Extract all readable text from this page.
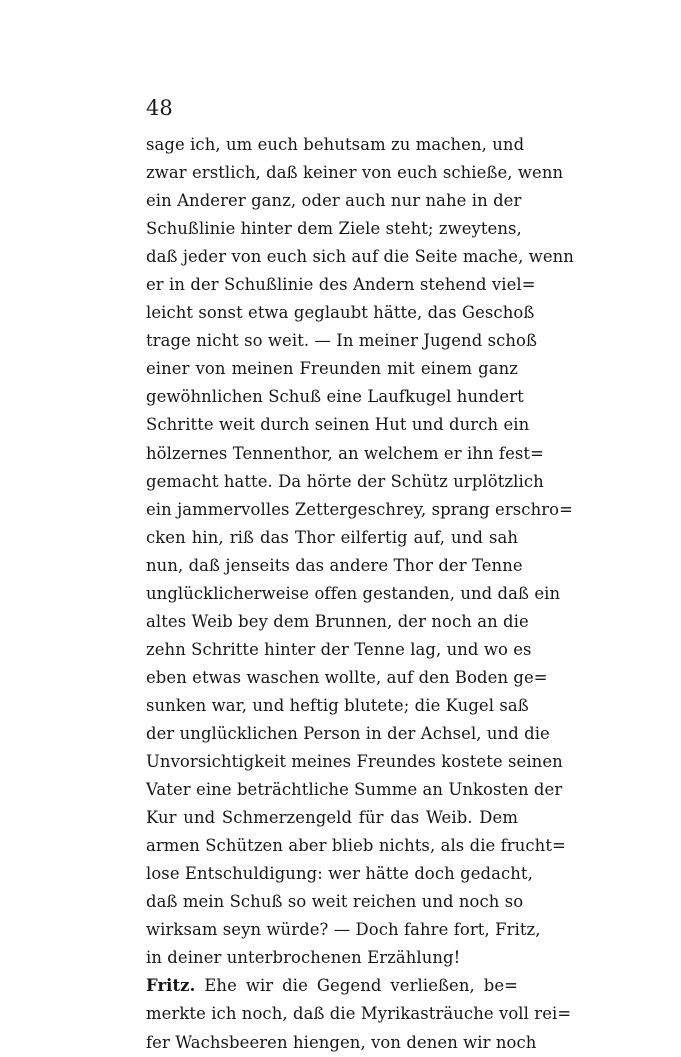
48
sage ich, um euch behutsam zu machen, und
zwar erstlich, daß keiner von euch schieße, wenn
ein Anderer ganz, oder auch nur nahe in der
Schußlinie hinter dem Ziele steht; zweytens,
daß jeder von euch sich auf die Seite mache, wenn
er in der Schußlinie des Andern stehend viel=
leicht sonst etwa geglaubt hätte, das Geschoß
trage nicht so weit. — In meiner Jugend schoß
einer von meinen Freunden mit einem ganz
gewöhnlichen Schuß eine Laufkugel hundert
Schritte weit durch seinen Hut und durch ein
hölzernes Tennenthor, an welchem er ihn fest=
gemacht hatte. Da hörte der Schütz urplötzlich
ein jammervolles Zettergeschrey, sprang erschro=
cken hin, riß das Thor eilfertig auf, und sah
nun, daß jenseits das andere Thor der Tenne
unglücklicherweise offen gestanden, und daß ein
altes Weib bey dem Brunnen, der noch an die
zehn Schritte hinter der Tenne lag, und wo es
eben etwas waschen wollte, auf den Boden ge=
sunken war, und heftig blutete; die Kugel saß
der unglücklichen Person in der Achsel, und die
Unvorsichtigkeit meines Freundes kostete seinen
Vater eine beträchtliche Summe an Unkosten der
Kur und Schmerzengeld für das Weib. Dem
armen Schützen aber blieb nichts, als die frucht=
lose Entschuldigung: wer hätte doch gedacht,
daß mein Schuß so weit reichen und noch so
wirksam seyn würde? — Doch fahre fort, Fritz,
in deiner unterbrochenen Erzählung!
Fritz. Ehe wir die Gegend verließen, be=
merkte ich noch, daß die Myrikasträuche voll rei=
fer Wachsbeeren hiengen, von denen wir noch
